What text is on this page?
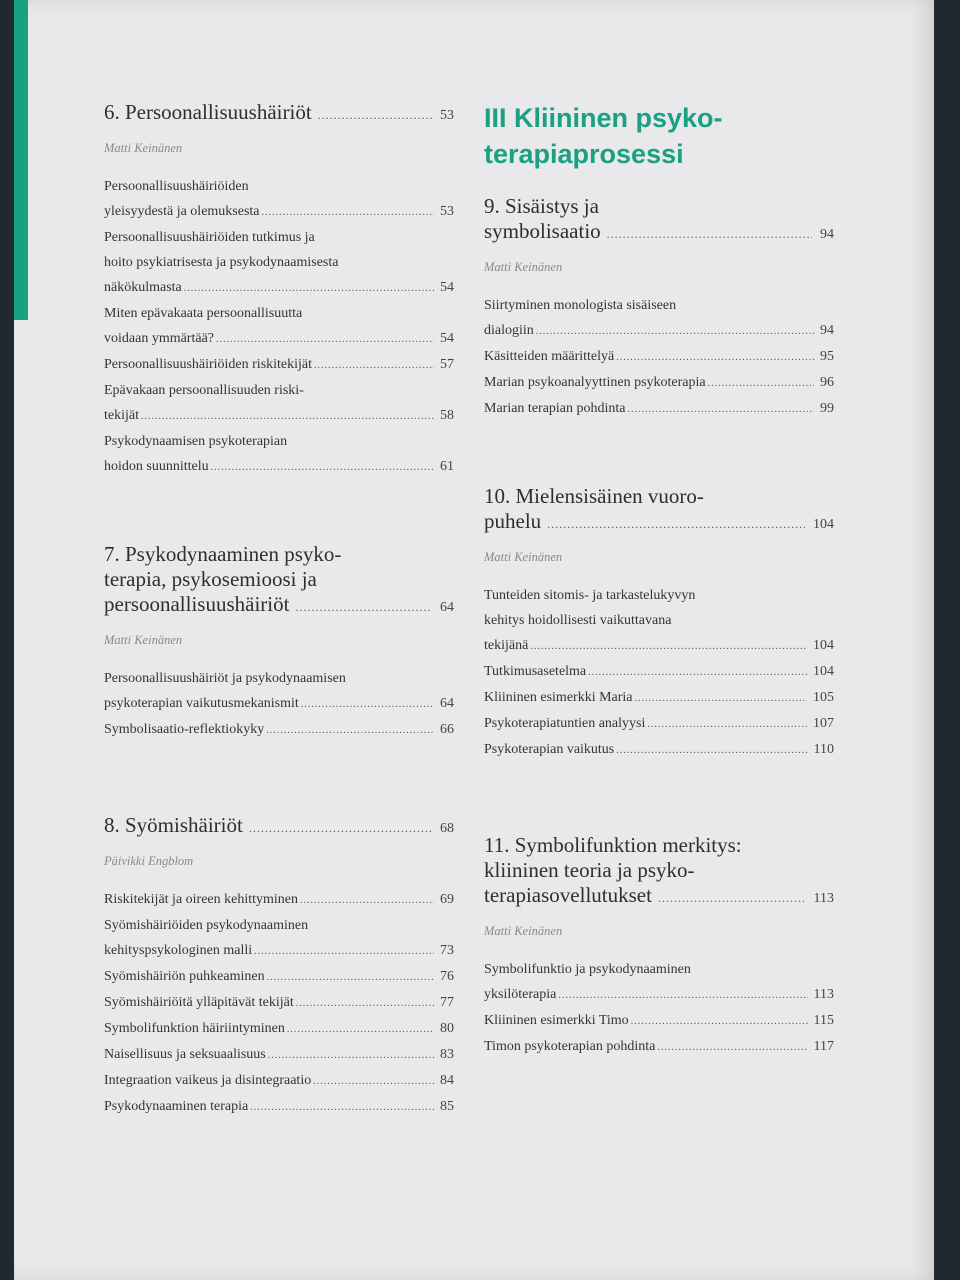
6. Persoonallisuushäiriöt .....	53
Matti Keinänen
Persoonallisuushäiriöiden
yleisyydestä ja olemuksesta .....	53
Persoonallisuushäiriöiden tutkimus ja
hoito psykiatrisesta ja psykodynaamisesta
näkökulmasta .....	54
Miten epävakaata persoonallisuutta
voidaan ymmärtää? .....	54
Persoonallisuushäiriöiden riskitekijät .....	57
Epävakaan persoonallisuuden riski-
tekijät .....	58
Psykodynaamisen psykoterapian
hoidon suunnittelu .....	61
7. Psykodynaaminen psyko-
terapia, psykosemioosi ja
persoonallisuushäiriöt .....	64
Matti Keinänen
Persoonallisuushäiriöt ja psykodynaamisen
psykoterapian vaikutusmekanismit .....	64
Symbolisaatio-reflektiokyky .....	66
8. Syömishäiriöt .....	68
Päivikki Engblom
Riskitekijät ja oireen kehittyminen .....	69
Syömishäiriöiden psykodynaaminen
kehityspsykologinen malli .....	73
Syömishäiriön puhkeaminen .....	76
Syömishäiriöitä ylläpitävät tekijät .....	77
Symbolifunktion häiriintyminen .....	80
Naisellisuus ja seksuaalisuus .....	83
Integraation vaikeus ja disintegraatio .....	84
Psykodynaaminen terapia .....	85
III Kliininen psyko-
terapiaprosessi
9. Sisäistys ja
symbolisaatio .....	94
Matti Keinänen
Siirtyminen monologista sisäiseen
dialogiin .....	94
Käsitteiden määrittelyä .....	95
Marian psykoanalyyttinen psykoterapia .....	96
Marian terapian pohdinta .....	99
10. Mielensisäinen vuoro-
puhelu .....	104
Matti Keinänen
Tunteiden sitomis- ja tarkastelukyvyn
kehitys hoidollisesti vaikuttavana
tekijänä .....	104
Tutkimusasetelma .....	104
Kliininen esimerkki Maria .....	105
Psykoterapiatuntien analyysi .....	107
Psykoterapian vaikutus .....	110
11. Symbolifunktion merkitys:
kliininen teoria ja psyko-
terapiasovellutukset .....	113
Matti Keinänen
Symbolifunktio ja psykodynaaminen
yksilöterapia .....	113
Kliininen esimerkki Timo .....	115
Timon psykoterapian pohdinta .....	117
